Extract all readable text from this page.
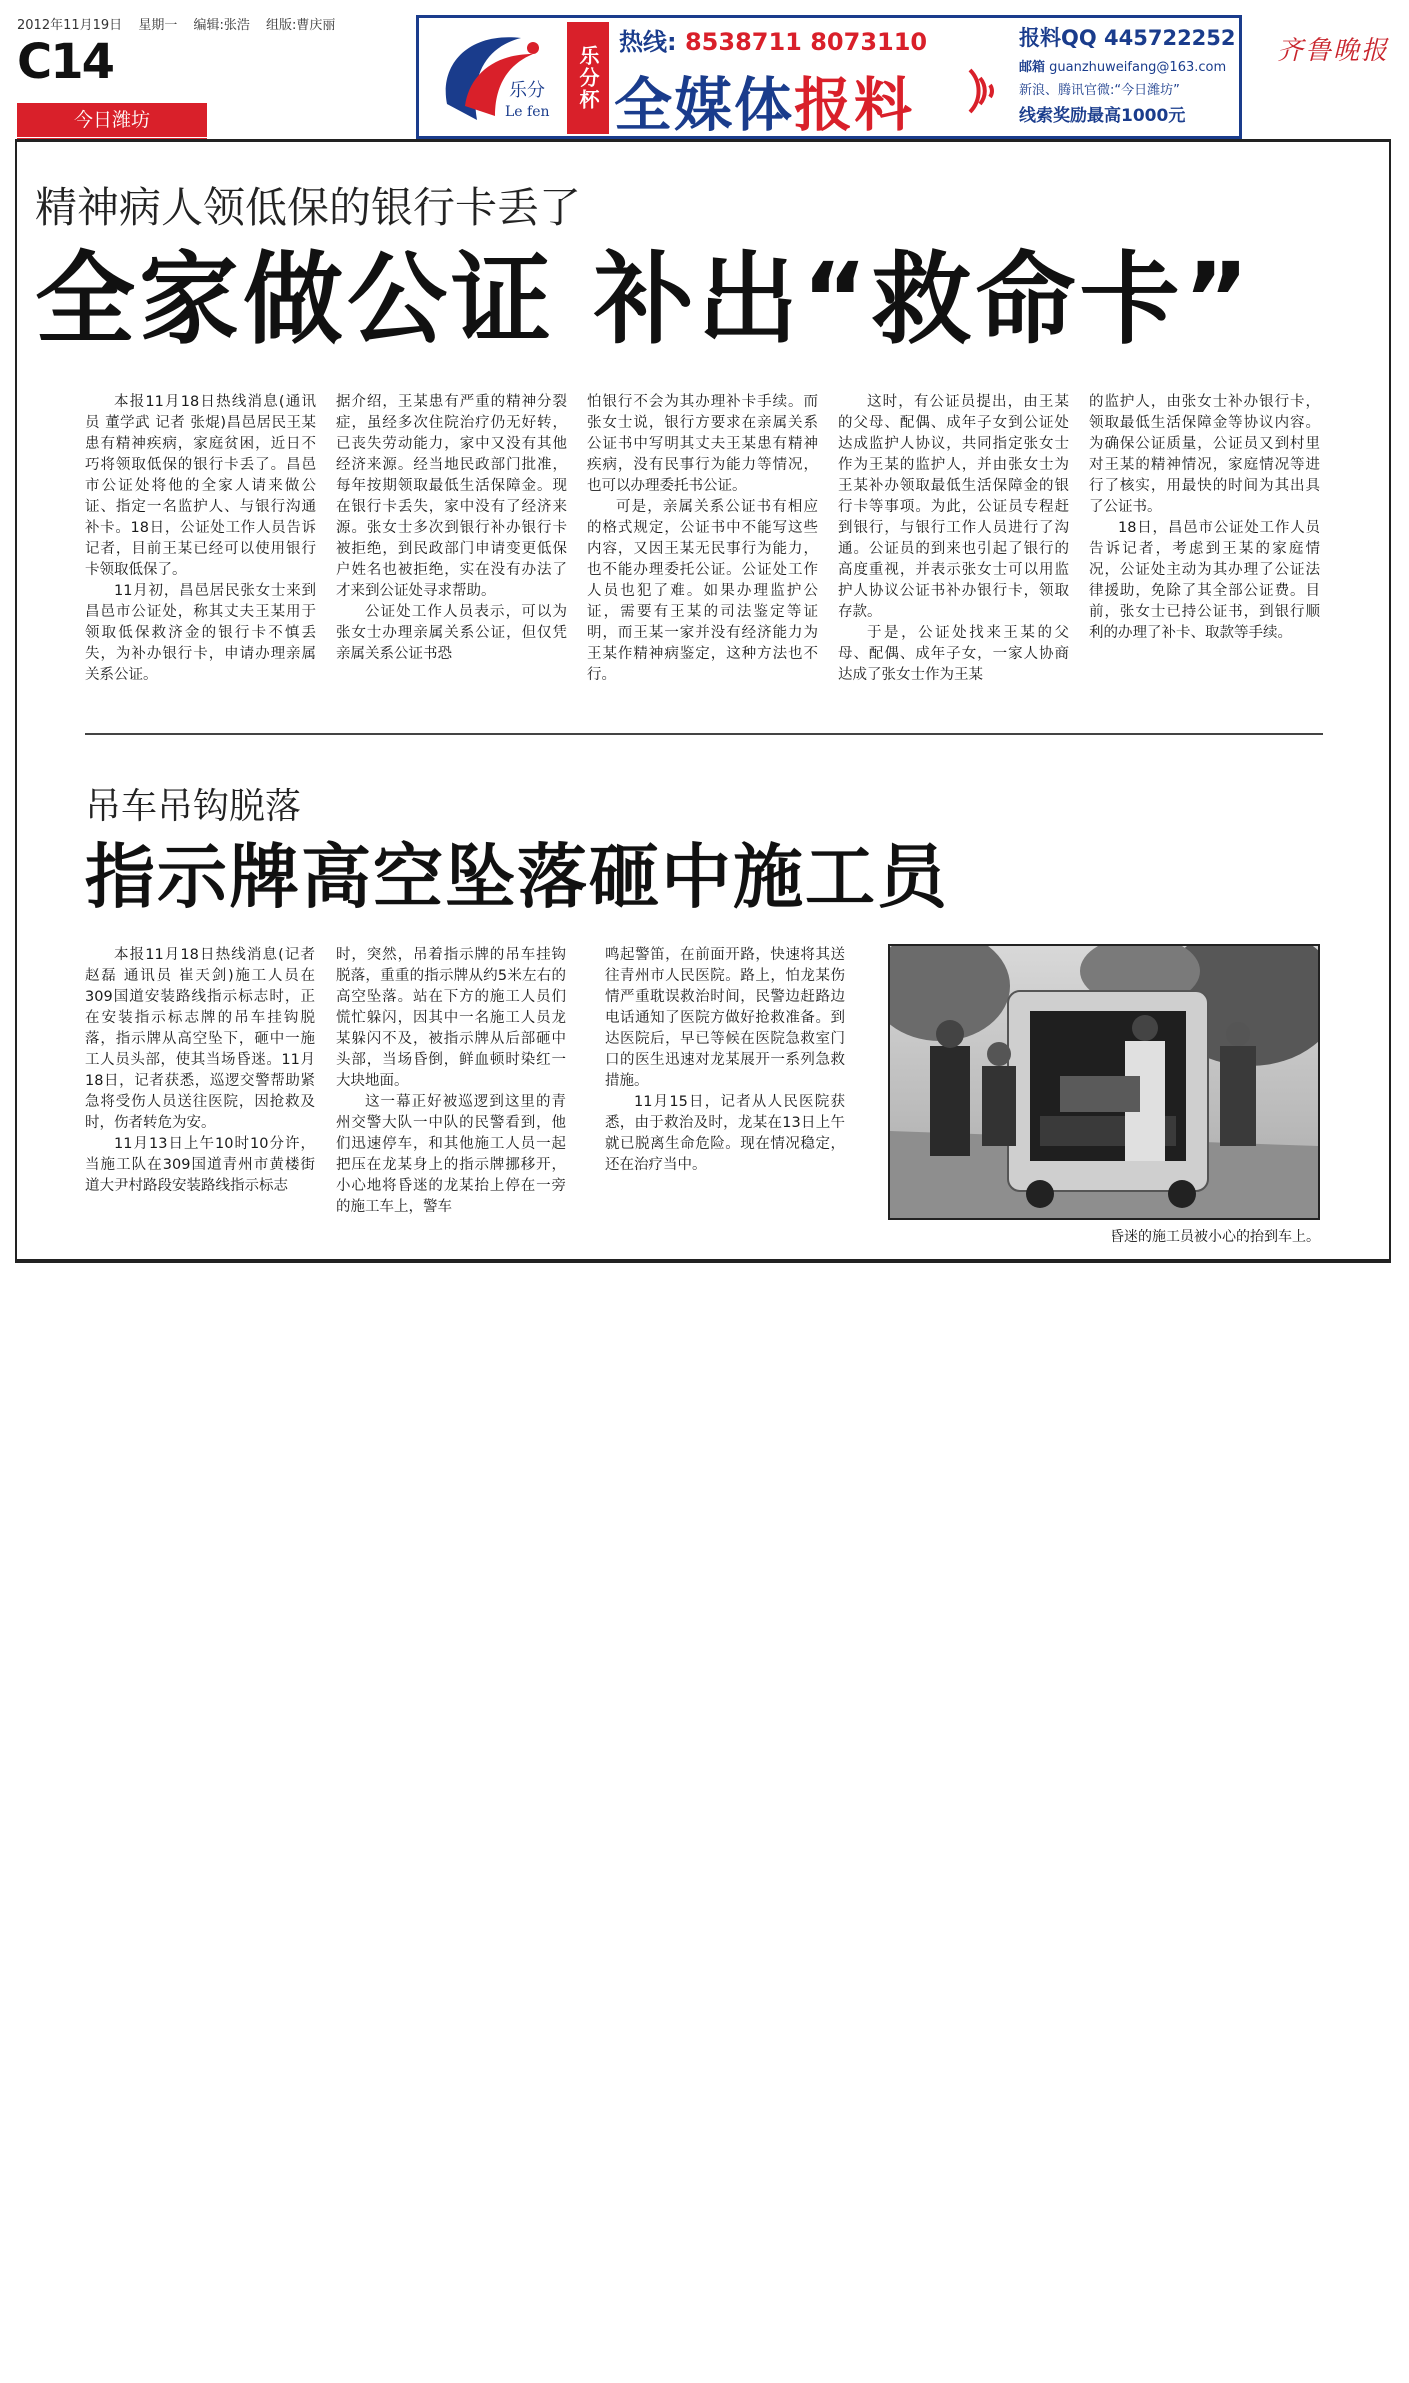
2012年11月19日 星期一 编辑:张浩 组版:曹庆丽
C14
今日潍坊
齐鲁晚报
乐分
Le fen
乐分杯
热线: 8538711 8073110
全媒体报料
报料QQ 445722252
邮箱 guanzhuweifang@163.com
新浪、腾讯官微:“今日潍坊”
线索奖励最高1000元
精神病人领低保的银行卡丢了
全家做公证 补出“救命卡”

本报11月18日热线消息(通讯员 董学武 记者 张焜)昌邑居民王某患有精神疾病，家庭贫困，近日不巧将领取低保的银行卡丢了。昌邑市公证处将他的全家人请来做公证、指定一名监护人、与银行沟通补卡。18日，公证处工作人员告诉记者，目前王某已经可以使用银行卡领取低保了。

11月初，昌邑居民张女士来到昌邑市公证处，称其丈夫王某用于领取低保救济金的银行卡不慎丢失，为补办银行卡，申请办理亲属关系公证。

据介绍，王某患有严重的精神分裂症，虽经多次住院治疗仍无好转，已丧失劳动能力，家中又没有其他经济来源。经当地民政部门批准，每年按期领取最低生活保障金。现在银行卡丢失，家中没有了经济来源。张女士多次到银行补办银行卡被拒绝，到民政部门申请变更低保户姓名也被拒绝，实在没有办法了才来到公证处寻求帮助。

公证处工作人员表示，可以为张女士办理亲属关系公证，但仅凭亲属关系公证书恐

怕银行不会为其办理补卡手续。而张女士说，银行方要求在亲属关系公证书中写明其丈夫王某患有精神疾病，没有民事行为能力等情况，也可以办理委托书公证。

可是，亲属关系公证书有相应的格式规定，公证书中不能写这些内容，又因王某无民事行为能力，也不能办理委托公证。公证处工作人员也犯了难。如果办理监护公证，需要有王某的司法鉴定等证明，而王某一家并没有经济能力为王某作精神病鉴定，这种方法也不行。

这时，有公证员提出，由王某的父母、配偶、成年子女到公证处达成监护人协议，共同指定张女士作为王某的监护人，并由张女士为王某补办领取最低生活保障金的银行卡等事项。为此，公证员专程赶到银行，与银行工作人员进行了沟通。公证员的到来也引起了银行的高度重视，并表示张女士可以用监护人协议公证书补办银行卡，领取存款。

于是，公证处找来王某的父母、配偶、成年子女，一家人协商达成了张女士作为王某

的监护人，由张女士补办银行卡，领取最低生活保障金等协议内容。为确保公证质量，公证员又到村里对王某的精神情况，家庭情况等进行了核实，用最快的时间为其出具了公证书。

18日，昌邑市公证处工作人员告诉记者，考虑到王某的家庭情况，公证处主动为其办理了公证法律援助，免除了其全部公证费。目前，张女士已持公证书，到银行顺利的办理了补卡、取款等手续。

吊车吊钩脱落
指示牌高空坠落砸中施工员

本报11月18日热线消息(记者 赵磊 通讯员 崔天剑)施工人员在309国道安装路线指示标志时，正在安装指示标志牌的吊车挂钩脱落，指示牌从高空坠下，砸中一施工人员头部，使其当场昏迷。11月18日，记者获悉，巡逻交警帮助紧急将受伤人员送往医院，因抢救及时，伤者转危为安。

11月13日上午10时10分许，当施工队在309国道青州市黄楼街道大尹村路段安装路线指示标志

时，突然，吊着指示牌的吊车挂钩脱落，重重的指示牌从约5米左右的高空坠落。站在下方的施工人员们慌忙躲闪，因其中一名施工人员龙某躲闪不及，被指示牌从后部砸中头部，当场昏倒，鲜血顿时染红一大块地面。

这一幕正好被巡逻到这里的青州交警大队一中队的民警看到，他们迅速停车，和其他施工人员一起把压在龙某身上的指示牌挪移开，小心地将昏迷的龙某抬上停在一旁的施工车上，警车

鸣起警笛，在前面开路，快速将其送往青州市人民医院。路上，怕龙某伤情严重耽误救治时间，民警边赶路边电话通知了医院方做好抢救准备。到达医院后，早已等候在医院急救室门口的医生迅速对龙某展开一系列急救措施。

11月15日，记者从人民医院获悉，由于救治及时，龙某在13日上午就已脱离生命危险。现在情况稳定，还在治疗当中。

昏迷的施工员被小心的抬到车上。
